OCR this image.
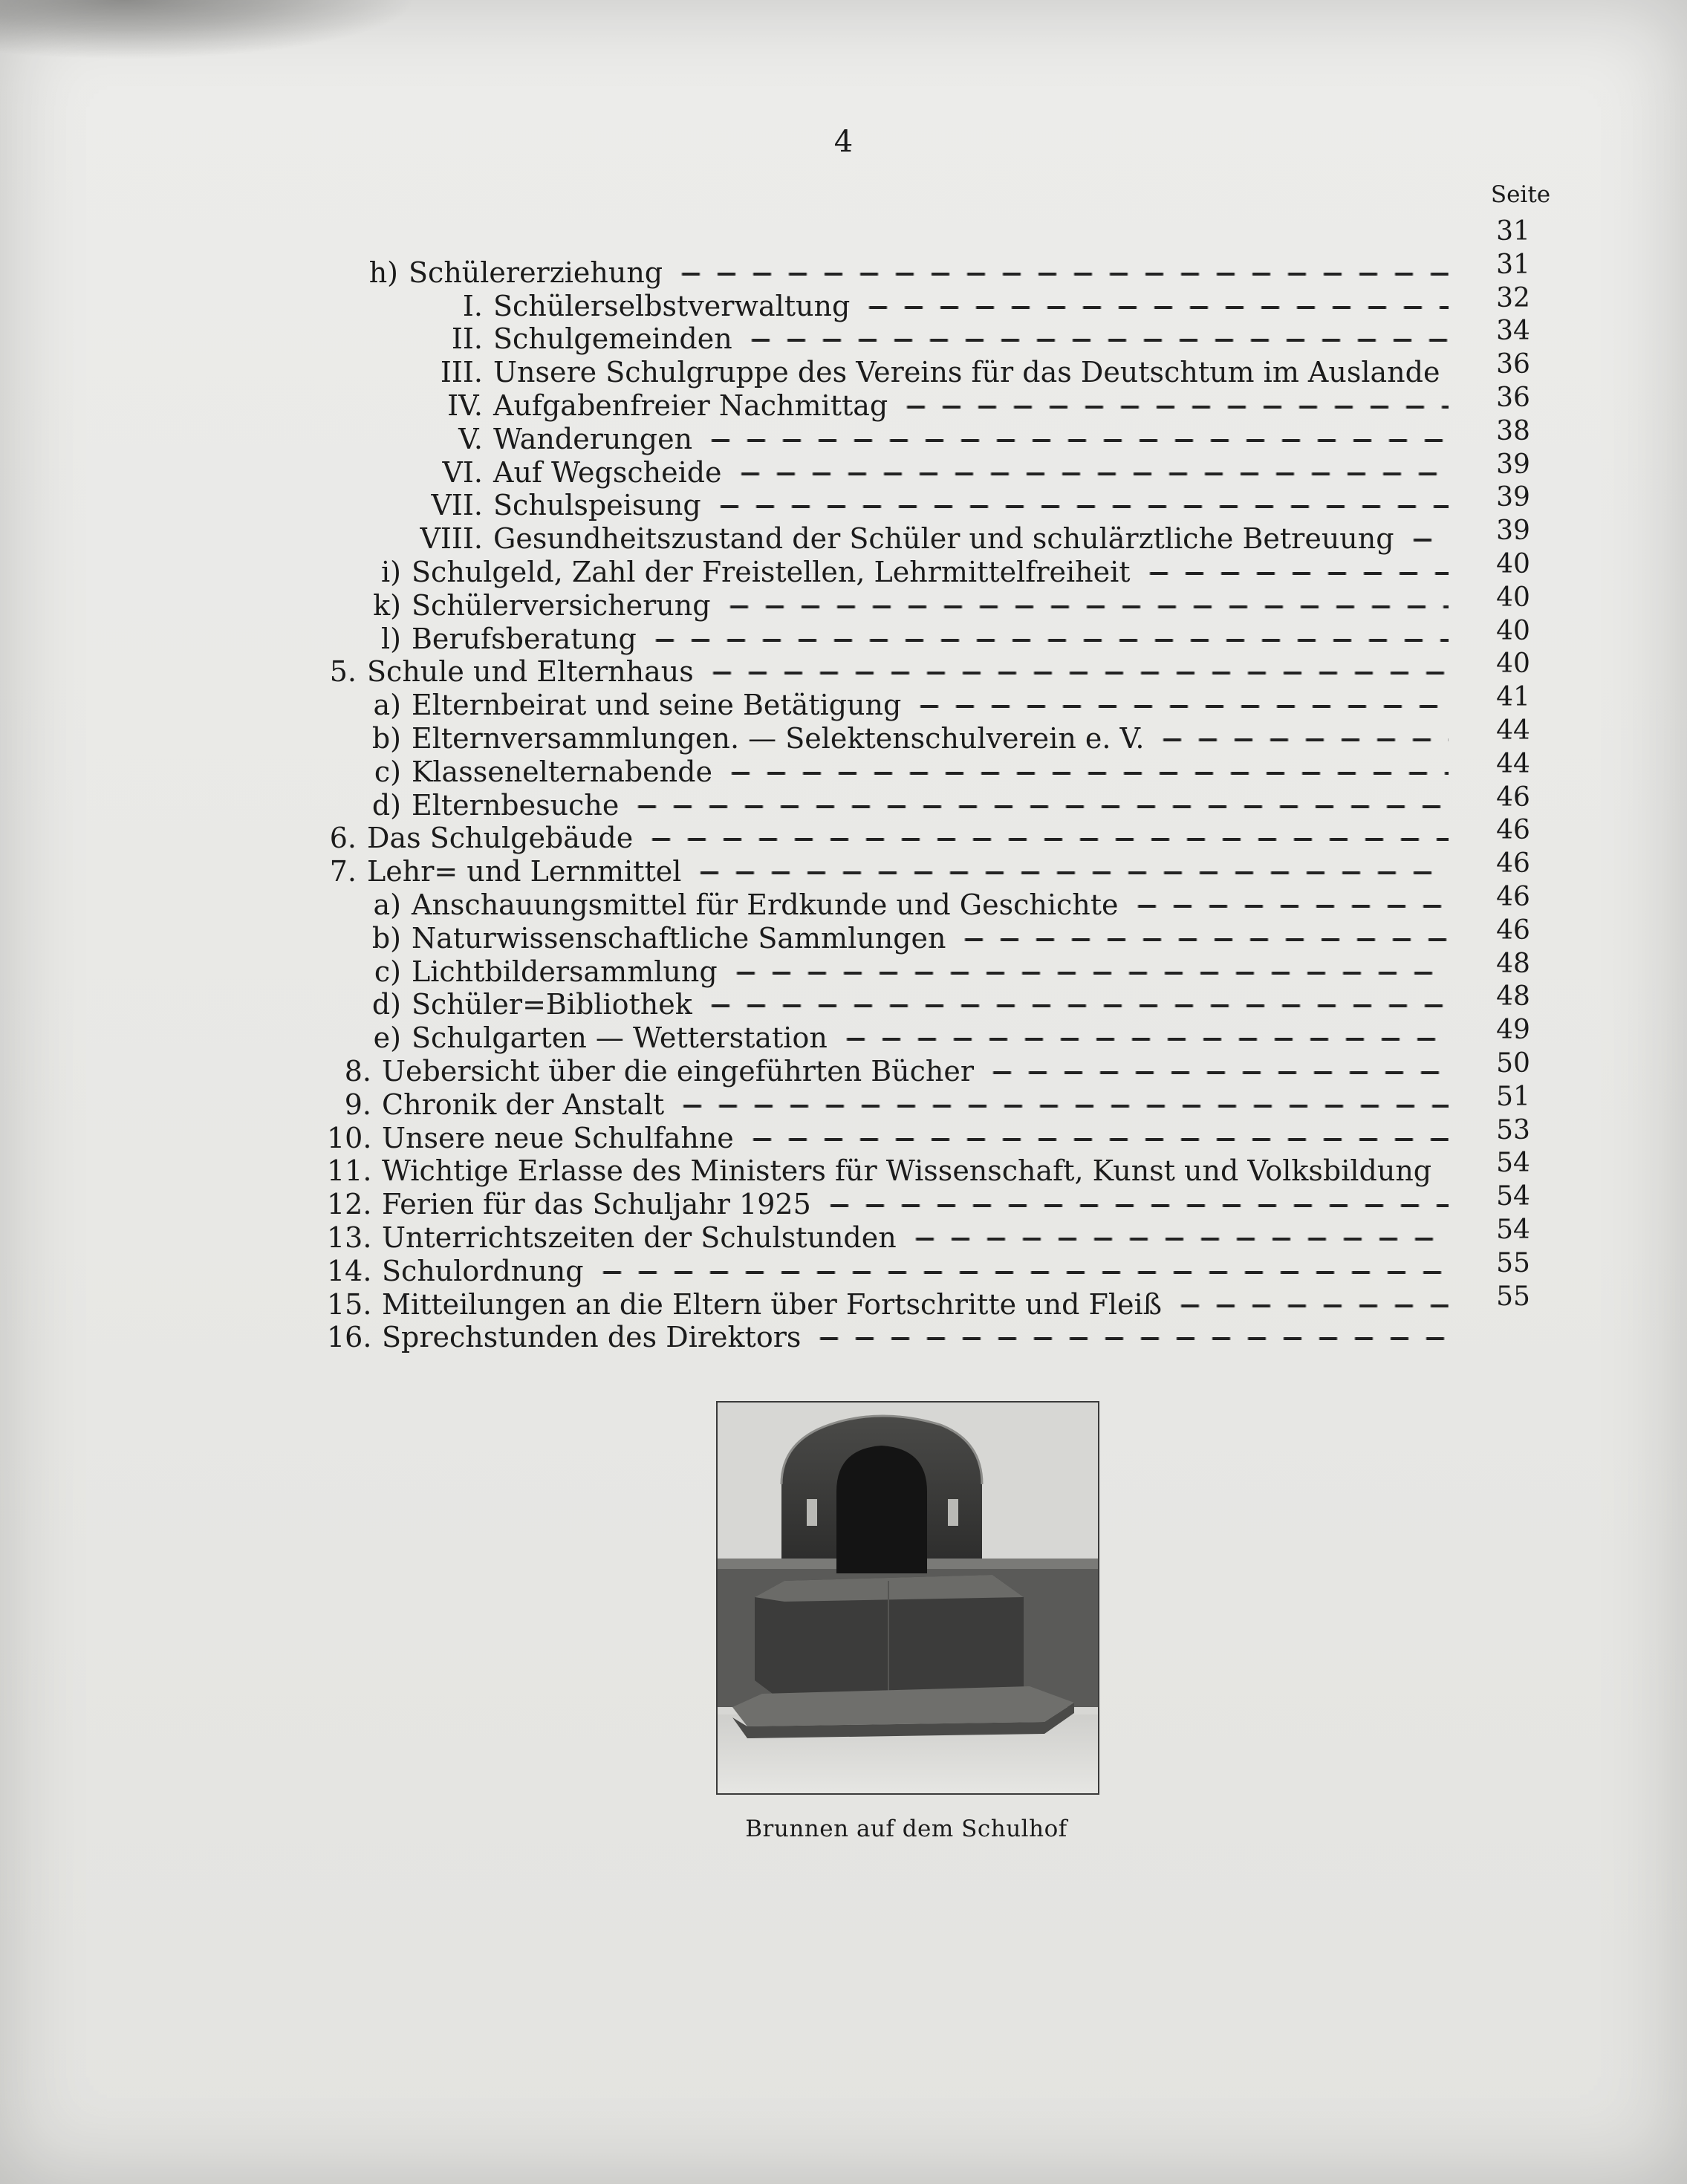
4
Seite
31
h) Schülererziehung	31
I. Schülerselbstverwaltung	32
II. Schulgemeinden	34
III. Unsere Schulgruppe des Vereins für das Deutschtum im Auslande	36
IV. Aufgabenfreier Nachmittag	36
V. Wanderungen	38
VI. Auf Wegscheide	39
VII. Schulspeisung	39
VIII. Gesundheitszustand der Schüler und schulärztliche Betreuung	39
i) Schulgeld, Zahl der Freistellen, Lehrmittelfreiheit	40
k) Schülerversicherung	40
l) Berufsberatung	40
5. Schule und Elternhaus	40
a) Elternbeirat und seine Betätigung	41
b) Elternversammlungen. — Selektenschulverein e. V.	44
c) Klassenelternabende	44
d) Elternbesuche	46
6. Das Schulgebäude	46
7. Lehr= und Lernmittel	46
a) Anschauungsmittel für Erdkunde und Geschichte	46
b) Naturwissenschaftliche Sammlungen	46
c) Lichtbildersammlung	48
d) Schüler=Bibliothek	48
e) Schulgarten — Wetterstation	49
8. Uebersicht über die eingeführten Bücher	50
9. Chronik der Anstalt	51
10. Unsere neue Schulfahne	53
11. Wichtige Erlasse des Ministers für Wissenschaft, Kunst und Volksbildung	54
12. Ferien für das Schuljahr 1925	54
13. Unterrichtszeiten der Schulstunden	54
14. Schulordnung	55
15. Mitteilungen an die Eltern über Fortschritte und Fleiß	55
16. Sprechstunden des Direktors
Brunnen auf dem Schulhof
